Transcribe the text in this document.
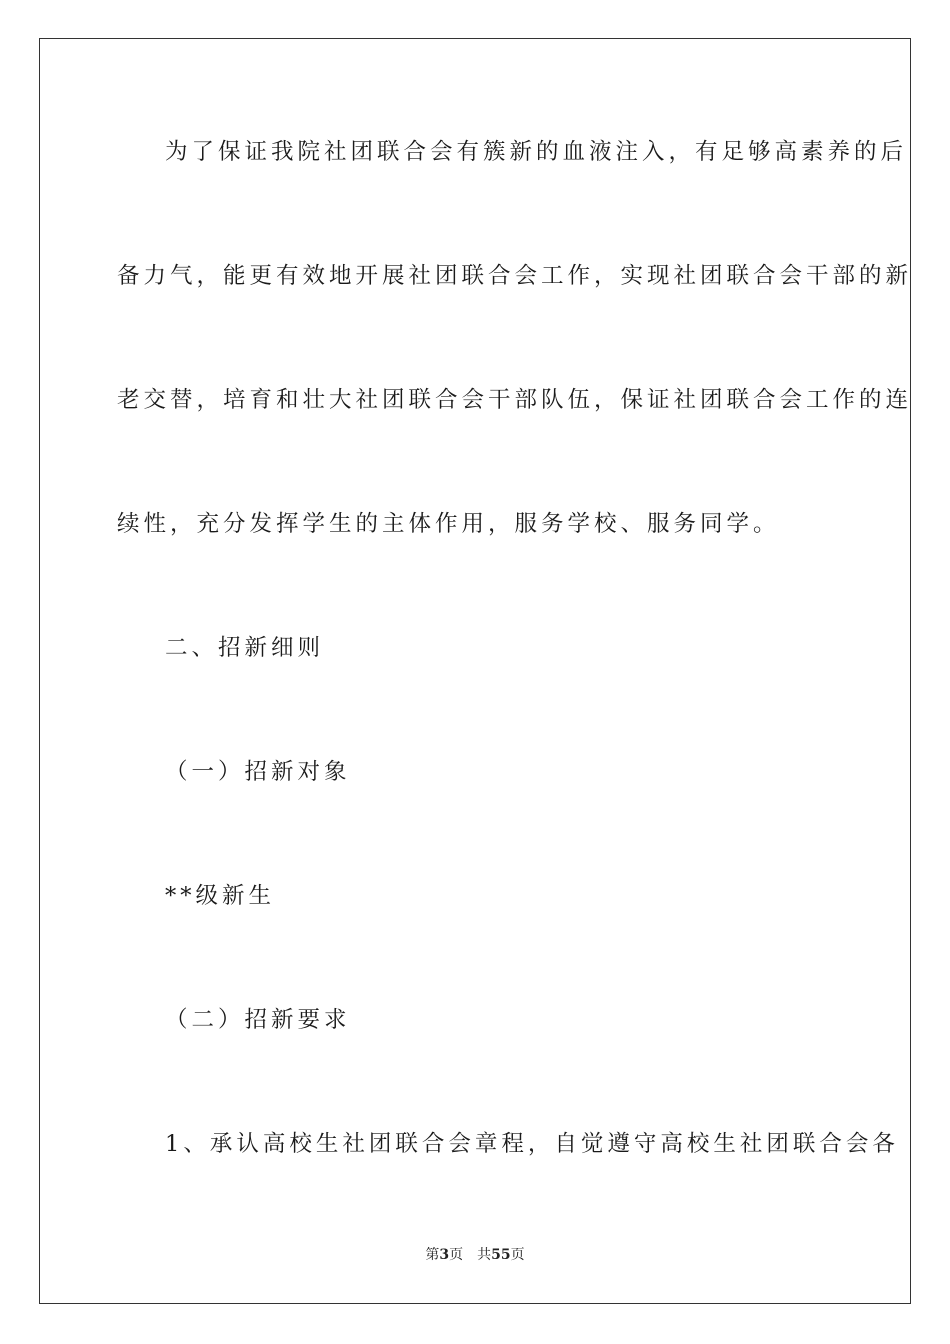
为了保证我院社团联合会有簇新的血液注入，有足够高素养的后
备力气，能更有效地开展社团联合会工作，实现社团联合会干部的新
老交替，培育和壮大社团联合会干部队伍，保证社团联合会工作的连
续性，充分发挥学生的主体作用，服务学校、服务同学。
二、招新细则
（一）招新对象
**级新生
（二）招新要求
1、承认高校生社团联合会章程，自觉遵守高校生社团联合会各
第3页 共55页
